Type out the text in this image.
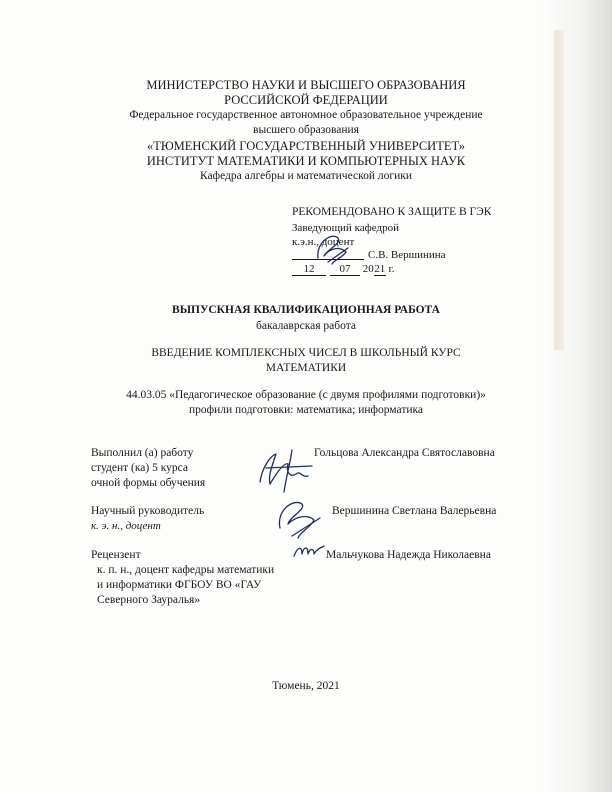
МИНИСТЕРСТВО НАУКИ И ВЫСШЕГО ОБРАЗОВАНИЯ
РОССИЙСКОЙ ФЕДЕРАЦИИ
Федеральное государственное автономное образовательное учреждение
высшего образования
«ТЮМЕНСКИЙ ГОСУДАРСТВЕННЫЙ УНИВЕРСИТЕТ»
ИНСТИТУТ МАТЕМАТИКИ И КОМПЬЮТЕРНЫХ НАУК
Кафедра алгебры и математической логики
РЕКОМЕНДОВАНО К ЗАЩИТЕ В ГЭК
Заведующий кафедрой
к.э.н., доцент
С.В. Вершинина
12 07 2021 г.
ВЫПУСКНАЯ КВАЛИФИКАЦИОННАЯ РАБОТА
бакалаврская работа
ВВЕДЕНИЕ КОМПЛЕКСНЫХ ЧИСЕЛ В ШКОЛЬНЫЙ КУРС
МАТЕМАТИКИ
44.03.05 «Педагогическое образование (с двумя профилями подготовки)»
профили подготовки: математика; информатика
Выполнил (а) работу
студент (ка) 5 курса
очной формы обучения
Гольцова Александра Святославовна
Научный руководитель
к. э. н., доцент
Вершинина Светлана Валерьевна
Рецензент
к. п. н., доцент кафедры математики
и информатики ФГБОУ ВО «ГАУ
Северного Зауралья»
Мальчукова Надежда Николаевна
Тюмень, 2021
